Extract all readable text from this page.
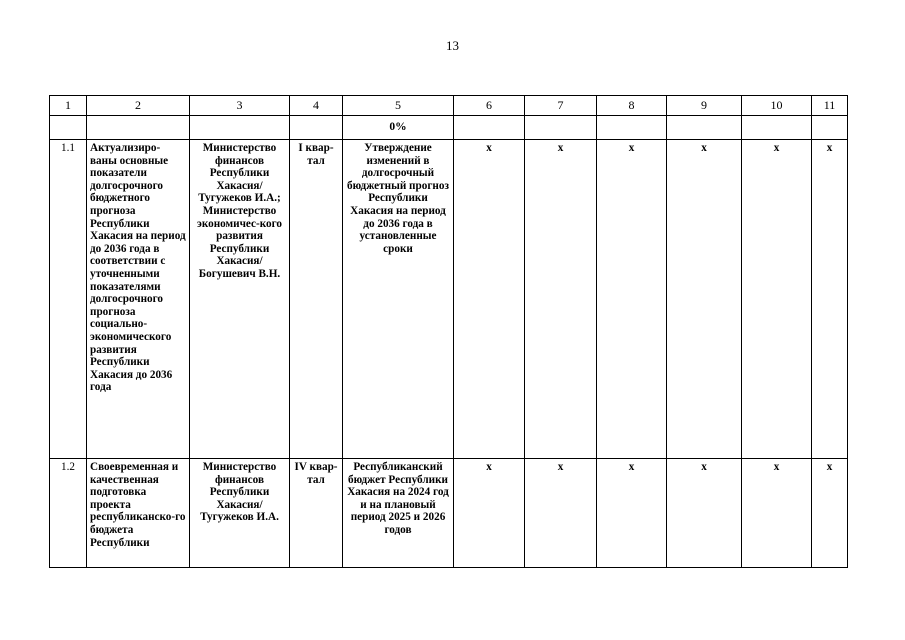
13
1	2	3	4	5	6	7	8	9	10	11
				0%						
1.1	Актуализиро-ваны основные показатели долгосрочного бюджетного прогноза Республики Хакасия на период до 2036 года в соответствии с уточненными показателями долгосрочного прогноза социально-экономического развития Республики Хакасия до 2036 года	Министерство финансов Республики Хакасия/ Тугужеков И.А.; Министерство экономичес-кого развития Республики Хакасия/ Богушевич В.Н.	I квар-тал	Утверждение изменений в долгосрочный бюджетный прогноз Республики Хакасия на период до 2036 года в установленные сроки	x	x	x	x	x	x
1.2	Своевременная и качественная подготовка проекта республиканско-го бюджета Республики	Министерство финансов Республики Хакасия/ Тугужеков И.А.	IV квар-тал	Республиканский бюджет Республики Хакасия на 2024 год и на плановый период 2025 и 2026 годов	x	x	x	x	x	x
